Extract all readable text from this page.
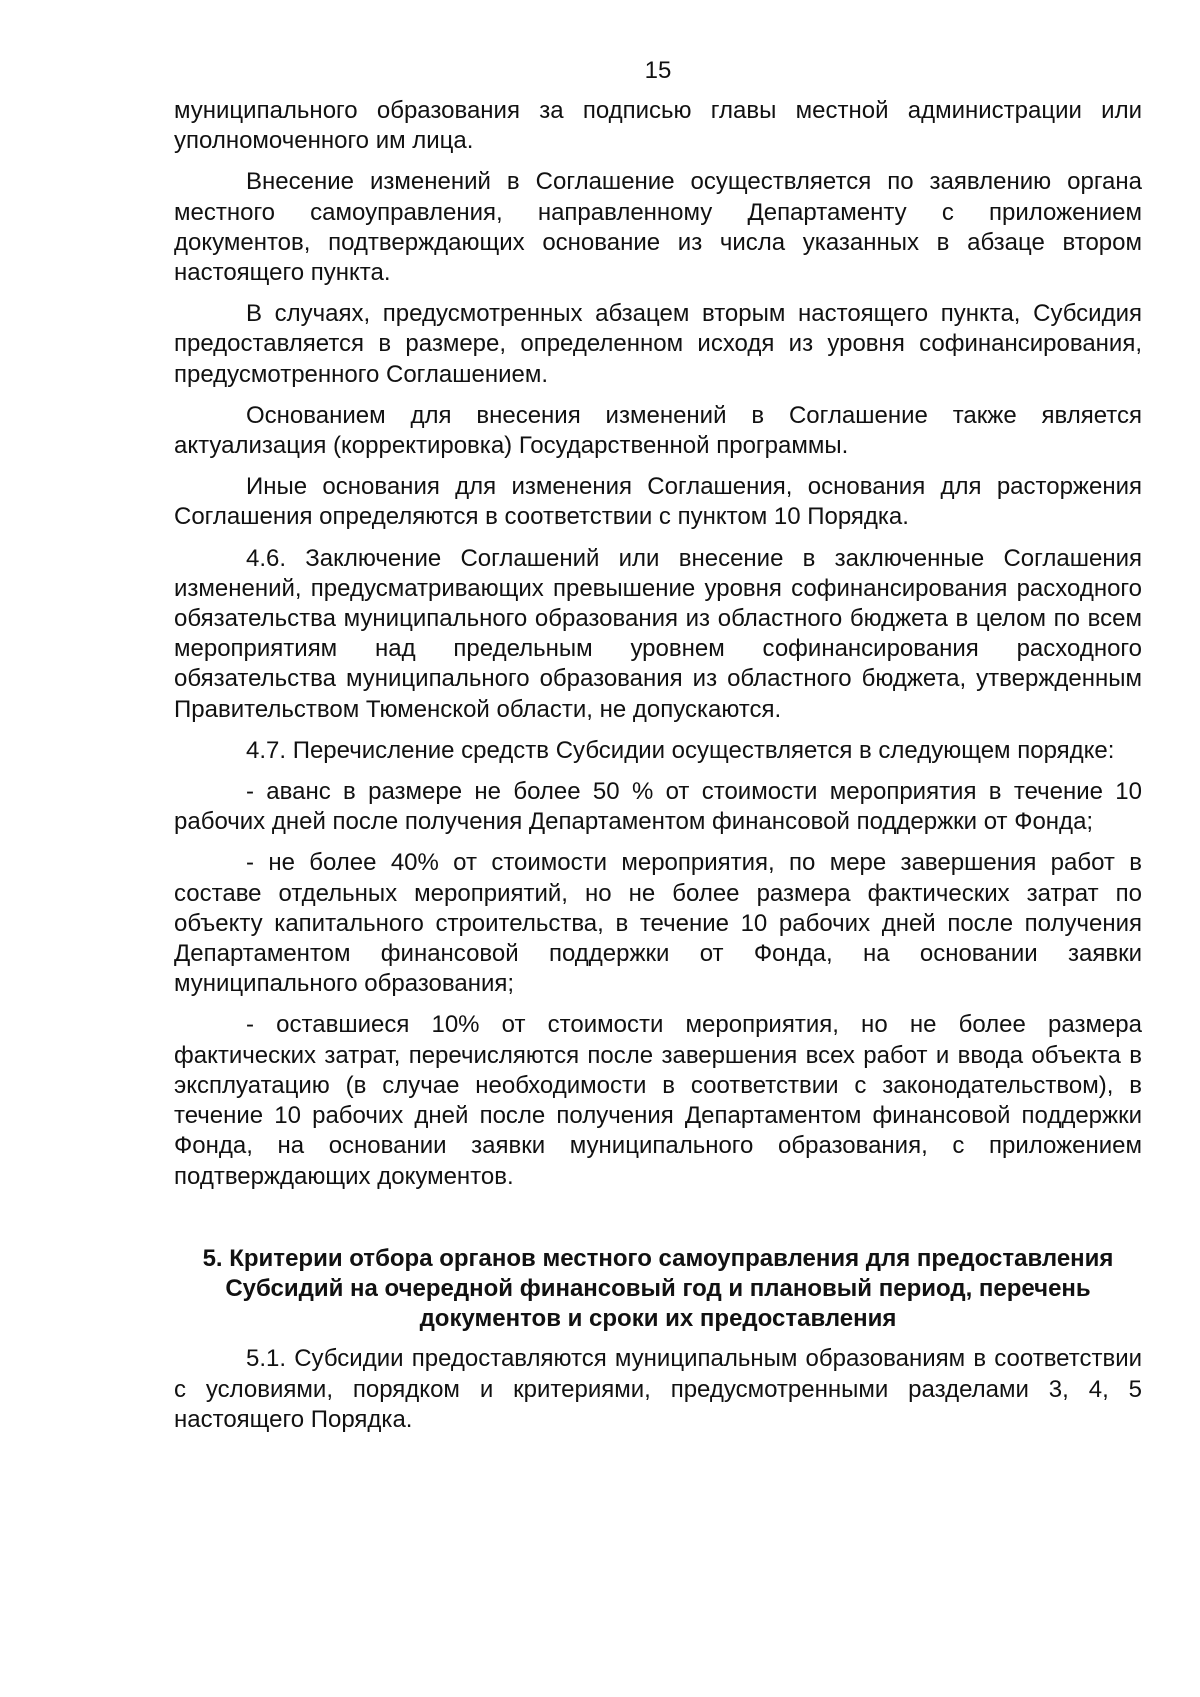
15

муниципального образования за подписью главы местной администрации или уполномоченного им лица.

Внесение изменений в Соглашение осуществляется по заявлению органа местного самоуправления, направленному Департаменту с приложением документов, подтверждающих основание из числа указанных в абзаце втором настоящего пункта.

В случаях, предусмотренных абзацем вторым настоящего пункта, Субсидия предоставляется в размере, определенном исходя из уровня софинансирования, предусмотренного Соглашением.

Основанием для внесения изменений в Соглашение также является актуализация (корректировка) Государственной программы.

Иные основания для изменения Соглашения, основания для расторжения Соглашения определяются в соответствии с пунктом 10 Порядка.

4.6. Заключение Соглашений или внесение в заключенные Соглашения изменений, предусматривающих превышение уровня софинансирования расходного обязательства муниципального образования из областного бюджета в целом по всем мероприятиям над предельным уровнем софинансирования расходного обязательства муниципального образования из областного бюджета, утвержденным Правительством Тюменской области, не допускаются.

4.7. Перечисление средств Субсидии осуществляется в следующем порядке:

- аванс в размере не более 50 % от стоимости мероприятия в течение 10 рабочих дней после получения Департаментом финансовой поддержки от Фонда;

- не более 40% от стоимости мероприятия, по мере завершения работ в составе отдельных мероприятий, но не более размера фактических затрат по объекту капитального строительства, в течение 10 рабочих дней после получения Департаментом финансовой поддержки от Фонда, на основании заявки муниципального образования;

- оставшиеся 10% от стоимости мероприятия, но не более размера фактических затрат, перечисляются после завершения всех работ и ввода объекта в эксплуатацию (в случае необходимости в соответствии с законодательством), в течение 10 рабочих дней после получения Департаментом финансовой поддержки Фонда, на основании заявки муниципального образования, с приложением подтверждающих документов.

5. Критерии отбора органов местного самоуправления для предоставления Субсидий на очередной финансовый год и плановый период, перечень документов и сроки их предоставления

5.1. Субсидии предоставляются муниципальным образованиям в соответствии с условиями, порядком и критериями, предусмотренными разделами 3, 4, 5 настоящего Порядка.
